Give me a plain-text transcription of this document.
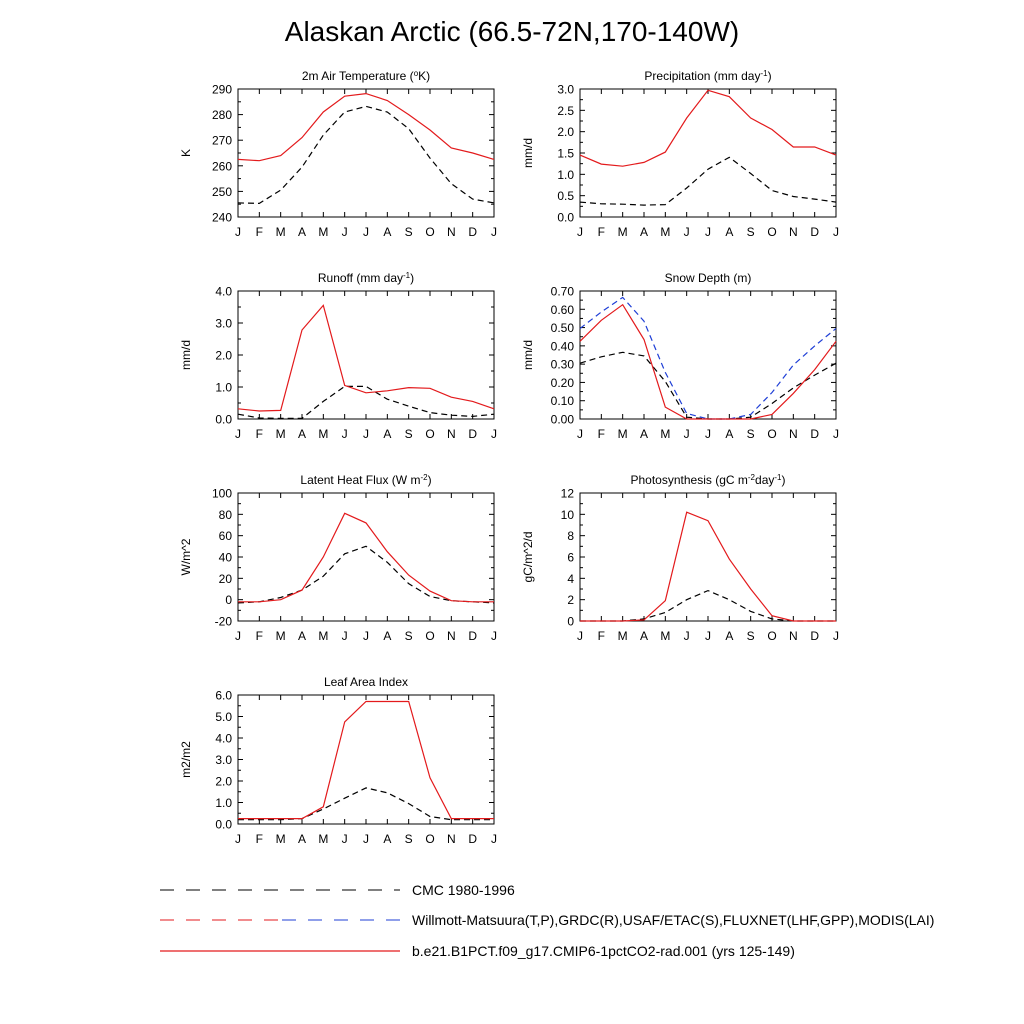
Alaskan Arctic (66.5-72N,170-140W)
2m Air Temperature ($^o$K)
240
250
260
270
280
290
K
J F M A M J J A S O N D J
Precipitation (mm day$^{-1}$)
0.0
0.5
1.0
1.5
2.0
2.5
3.0
mm/d
J F M A M J J A S O N D J
Runoff (mm day$^{-1}$)
0.0
1.0
2.0
3.0
4.0
mm/d
J F M A M J J A S O N D J
Snow Depth (m)
0.00
0.10
0.20
0.30
0.40
0.50
0.60
0.70
mm/d
J F M A M J J A S O N D J
Latent Heat Flux (W $m^{-2}$)
-20
0
20
40
60
80
100
W/m^2
J F M A M J J A S O N D J
Photosynthesis (gC $m^{-2}day^{-1}$)
0
2
4
6
8
10
12
gC/m^2/d
J F M A M J J A S O N D J
Leaf Area Index
0.0
1.0
2.0
3.0
4.0
5.0
6.0
m2/m2
J F M A M J J A S O N D J
CMC 1980-1996
Willmott-Matsuura(T,P),GRDC(R),USAF/ETAC(S),FLUXNET(LHF,GPP),MODIS(LAI)
b.e21.B1PCT.f09_g17.CMIP6-1pctCO2-rad.001 (yrs 125-149)
